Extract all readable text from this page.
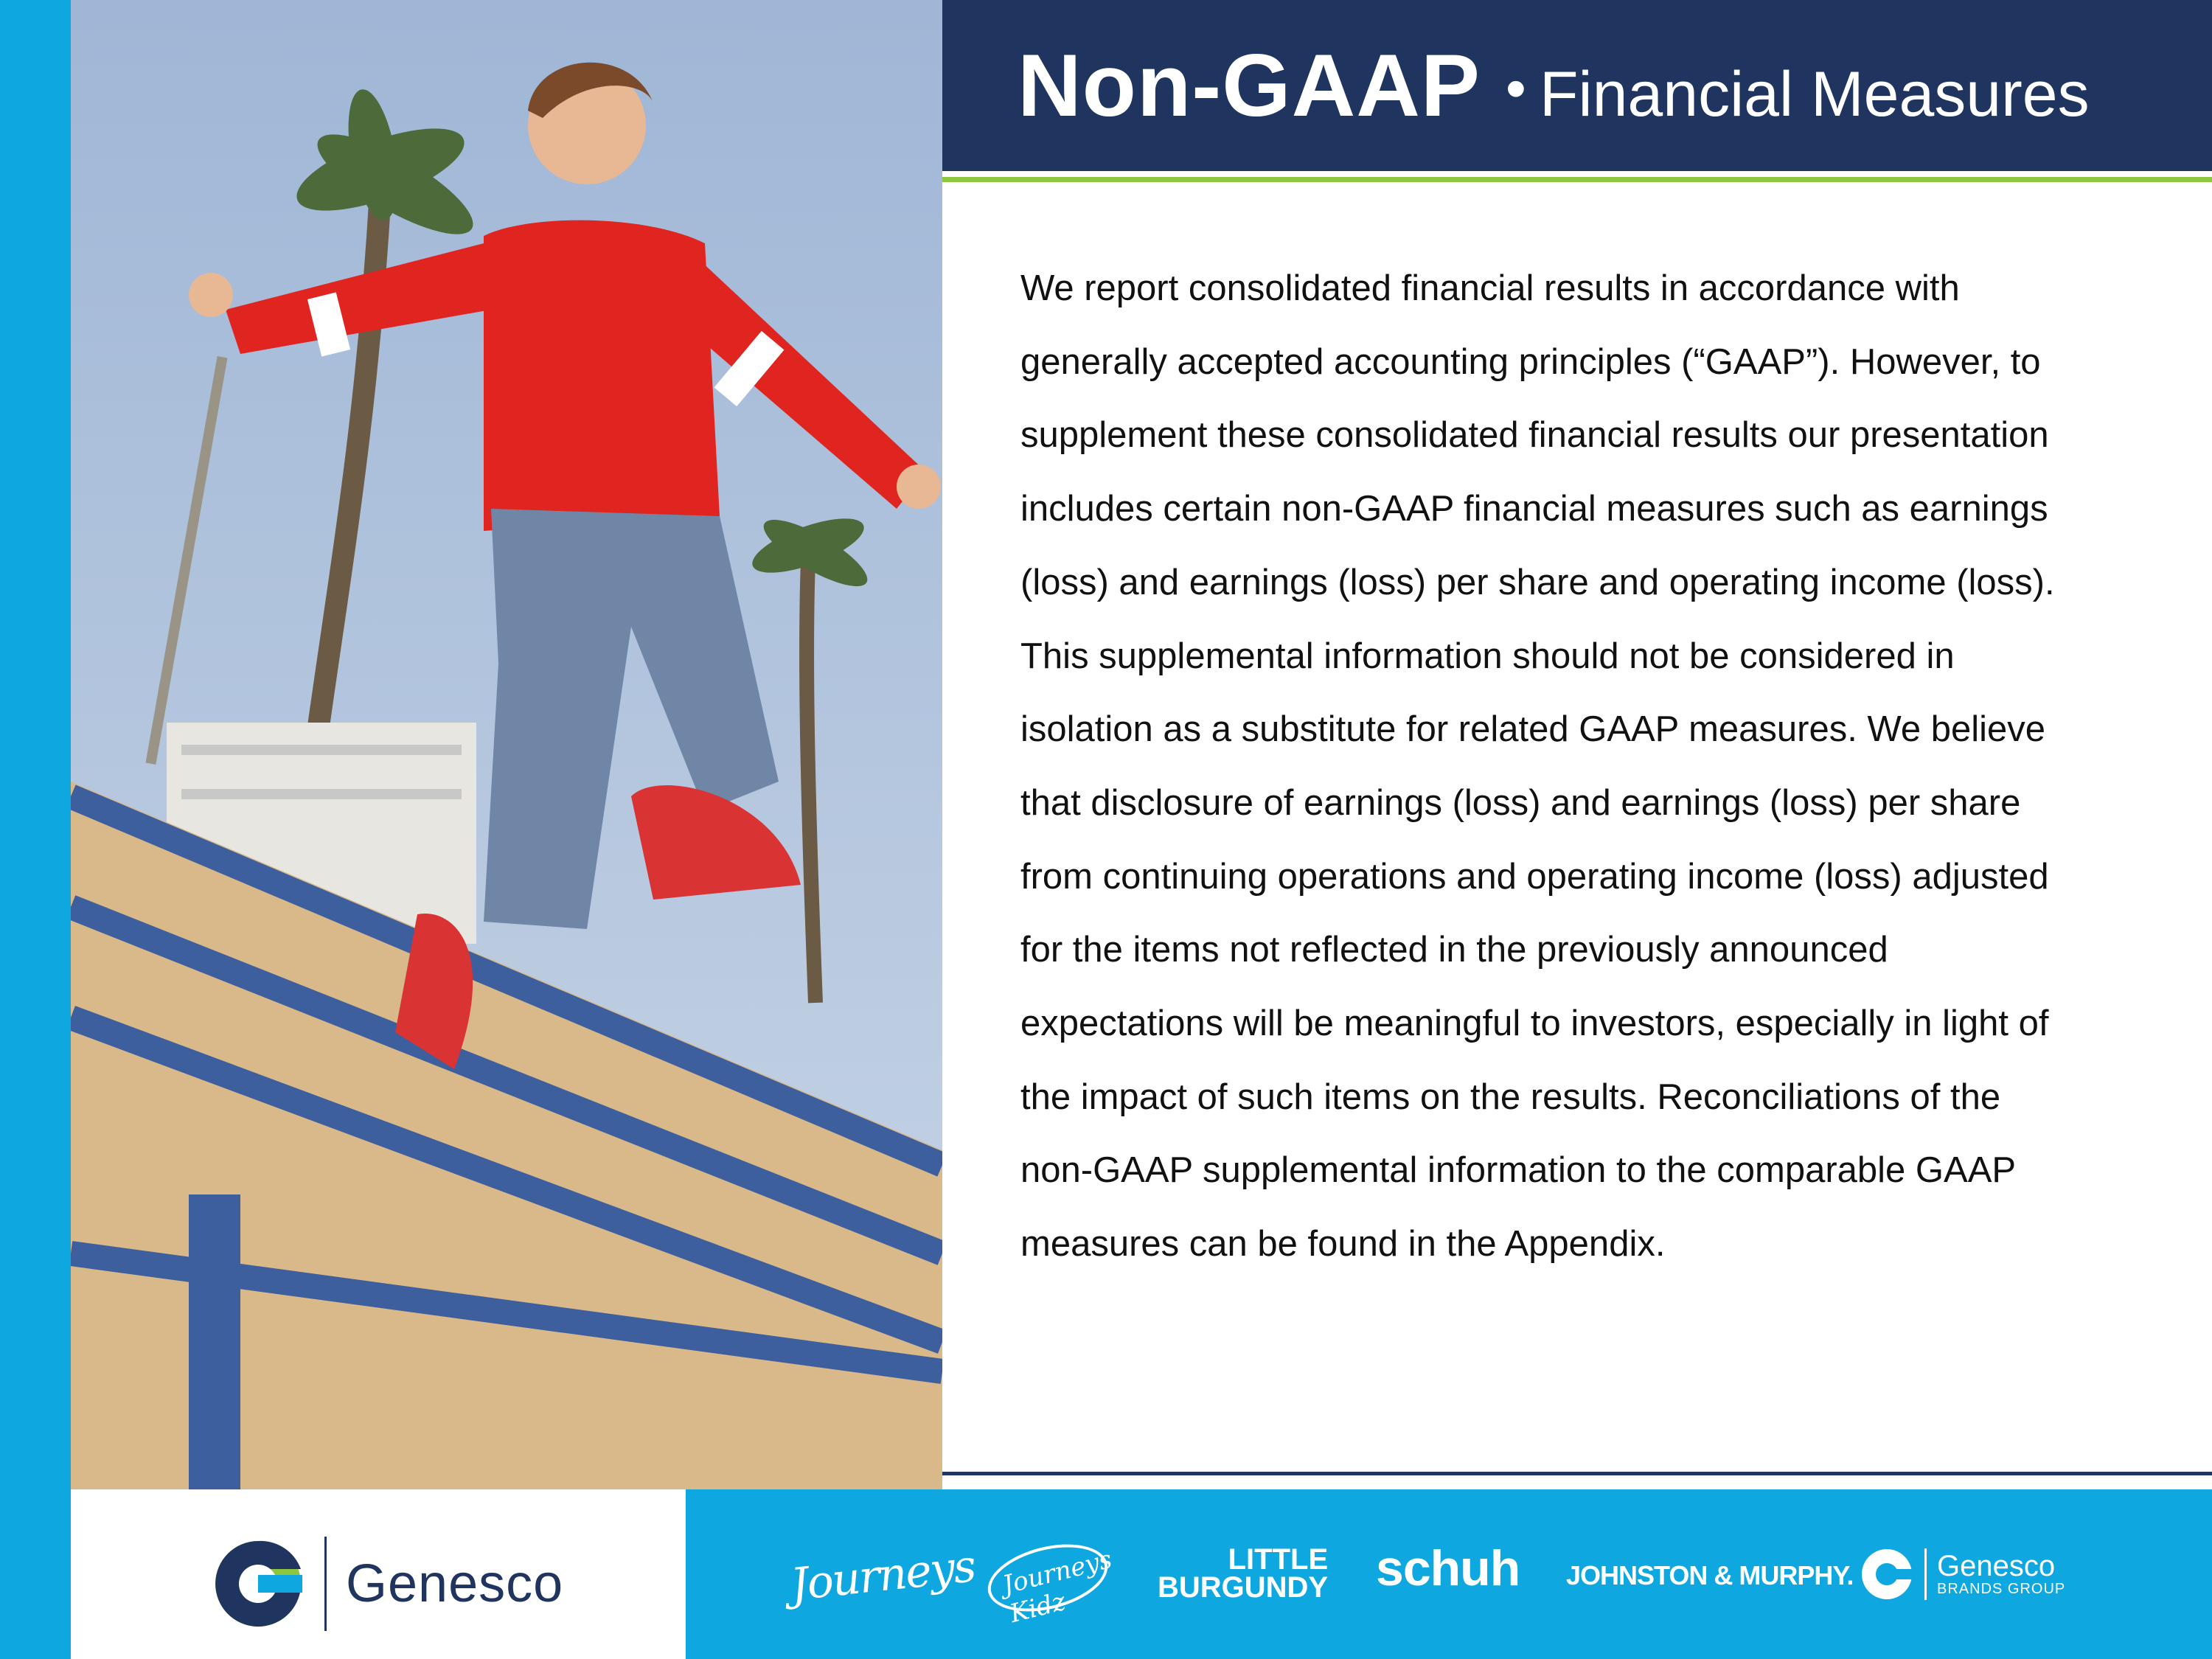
Non-GAAP • Financial Measures
We report consolidated financial results in accordance with generally accepted accounting principles (“GAAP”). However, to supplement these consolidated financial results our presentation includes certain non-GAAP financial measures such as earnings (loss) and earnings (loss) per share and operating income (loss). This supplemental information should not be considered in isolation as a substitute for related GAAP measures. We believe that disclosure of earnings (loss) and earnings (loss) per share from continuing operations and operating income (loss) adjusted for the items not reflected in the previously announced expectations will be meaningful to investors, especially in light of the impact of such items on the results. Reconciliations of the non-GAAP supplemental information to the comparable GAAP measures can be found in the Appendix.
Genesco	Journeys Journeys Kidz
LITTLE
BURGUNDY schuh JOHNSTON & MURPHY.	Genesco
BRANDS GROUP
